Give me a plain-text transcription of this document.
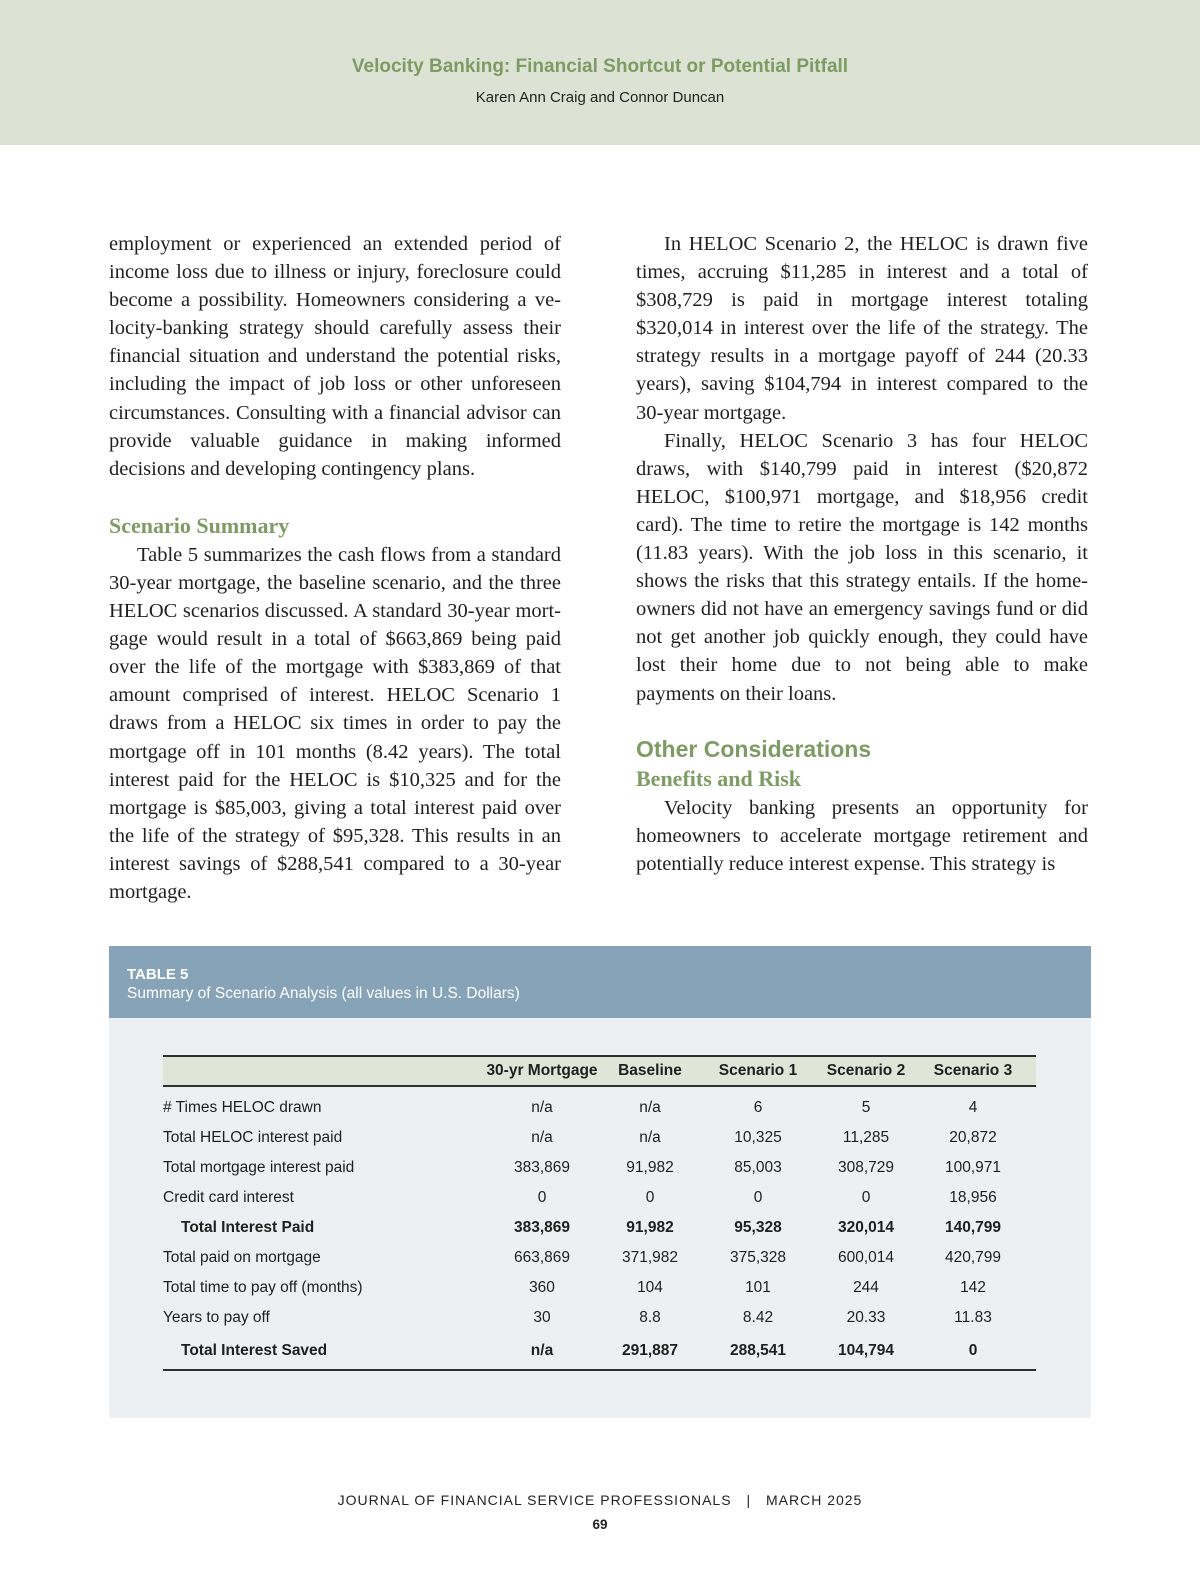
Velocity Banking: Financial Shortcut or Potential Pitfall
Karen Ann Craig and Connor Duncan

employment or experienced an extended period of income loss due to illness or injury, foreclosure could become a possibility. Homeowners considering a ve-locity-banking strategy should carefully assess their financial situation and understand the potential risks, including the impact of job loss or other unforeseen circumstances. Consulting with a financial advisor can provide valuable guidance in making informed decisions and developing contingency plans.

Scenario Summary

Table 5 summarizes the cash flows from a standard 30-year mortgage, the baseline scenario, and the three HELOC scenarios discussed. A standard 30-year mort-gage would result in a total of $663,869 being paid over the life of the mortgage with $383,869 of that amount comprised of interest. HELOC Scenario 1 draws from a HELOC six times in order to pay the mortgage off in 101 months (8.42 years). The total interest paid for the HELOC is $10,325 and for the mortgage is $85,003, giving a total interest paid over the life of the strategy of $95,328. This results in an interest savings of $288,541 compared to a 30-year mortgage.

In HELOC Scenario 2, the HELOC is drawn five times, accruing $11,285 in interest and a total of $308,729 is paid in mortgage interest totaling $320,014 in interest over the life of the strategy. The strategy results in a mortgage payoff of 244 (20.33 years), saving $104,794 in interest compared to the 30-year mortgage.

Finally, HELOC Scenario 3 has four HELOC draws, with $140,799 paid in interest ($20,872 HELOC, $100,971 mortgage, and $18,956 credit card). The time to retire the mortgage is 142 months (11.83 years). With the job loss in this scenario, it shows the risks that this strategy entails. If the home-owners did not have an emergency savings fund or did not get another job quickly enough, they could have lost their home due to not being able to make payments on their loans.

Other Considerations
Benefits and Risk

Velocity banking presents an opportunity for homeowners to accelerate mortgage retirement and potentially reduce interest expense. This strategy is

TABLE 5
Summary of Scenario Analysis (all values in U.S. Dollars)
	30-yr Mortgage	Baseline	Scenario 1	Scenario 2	Scenario 3
# Times HELOC drawn	n/a	n/a	6	5	4
Total HELOC interest paid	n/a	n/a	10,325	11,285	20,872
Total mortgage interest paid	383,869	91,982	85,003	308,729	100,971
Credit card interest	0	0	0	0	18,956
Total Interest Paid	383,869	91,982	95,328	320,014	140,799
Total paid on mortgage	663,869	371,982	375,328	600,014	420,799
Total time to pay off (months)	360	104	101	244	142
Years to pay off	30	8.8	8.42	20.33	11.83
Total Interest Saved	n/a	291,887	288,541	104,794	0
JOURNAL OF FINANCIAL SERVICE PROFESSIONALS | MARCH 2025
69
